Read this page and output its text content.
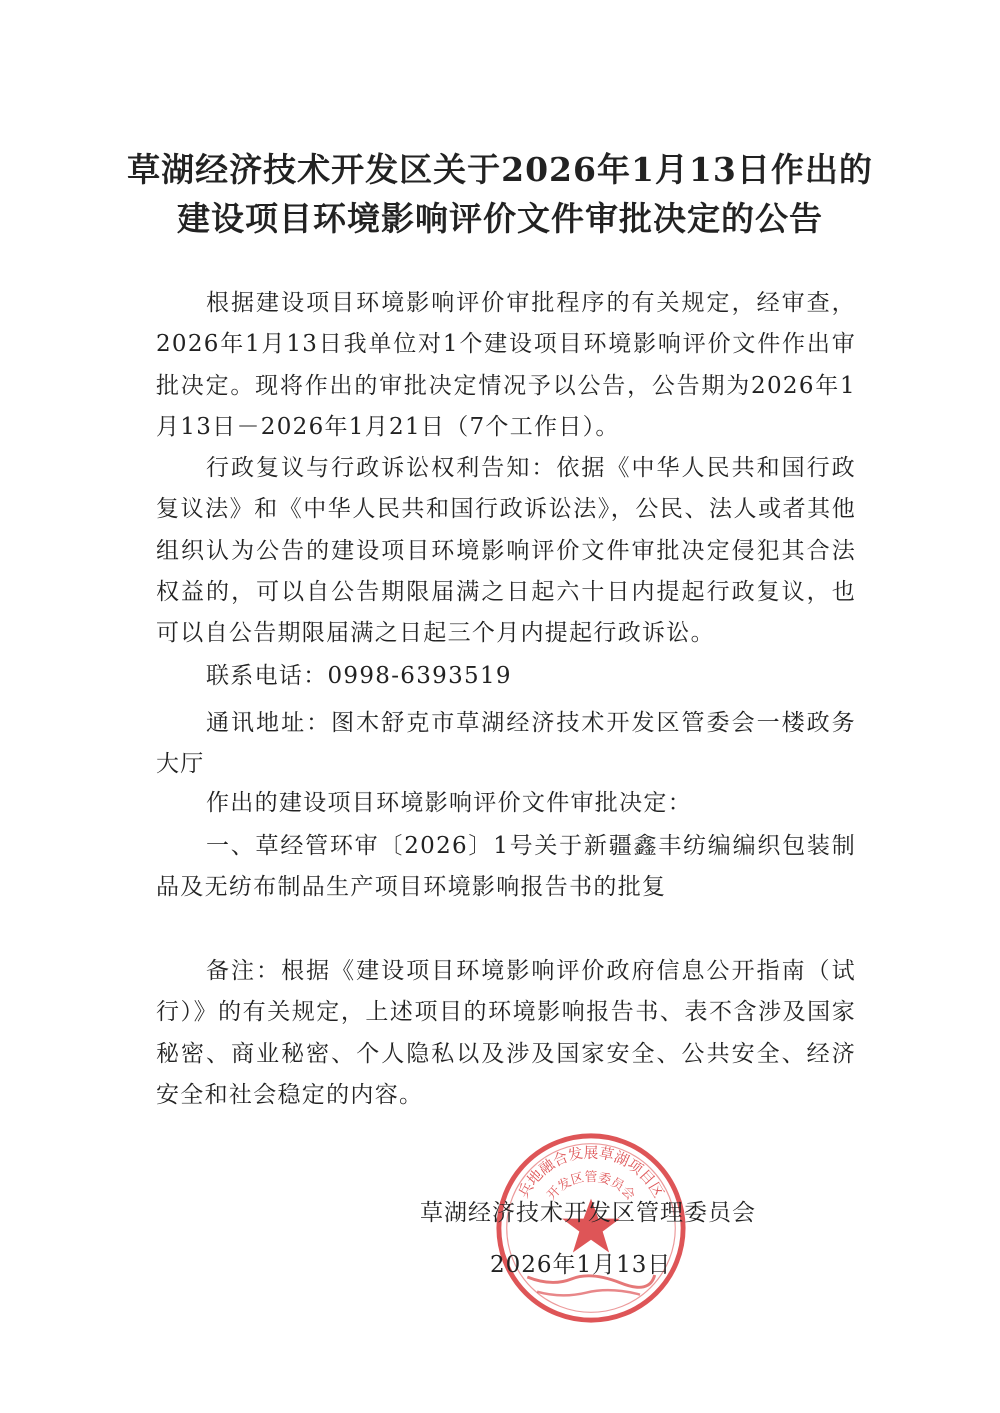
草湖经济技术开发区关于2026年1月13日作出的
建设项目环境影响评价文件审批决定的公告
根据建设项目环境影响评价审批程序的有关规定，经审查，2026年1月13日我单位对1个建设项目环境影响评价文件作出审批决定。现将作出的审批决定情况予以公告，公告期为2026年1月13日－2026年1月21日（7个工作日）。
行政复议与行政诉讼权利告知：依据《中华人民共和国行政复议法》和《中华人民共和国行政诉讼法》，公民、法人或者其他组织认为公告的建设项目环境影响评价文件审批决定侵犯其合法权益的，可以自公告期限届满之日起六十日内提起行政复议，也可以自公告期限届满之日起三个月内提起行政诉讼。
联系电话：0998-6393519
通讯地址：图木舒克市草湖经济技术开发区管委会一楼政务大厅
作出的建设项目环境影响评价文件审批决定：
一、草经管环审〔2026〕1号关于新疆鑫丰纺编编织包装制品及无纺布制品生产项目环境影响报告书的批复
备注：根据《建设项目环境影响评价政府信息公开指南（试行）》的有关规定，上述项目的环境影响报告书、表不含涉及国家秘密、商业秘密、个人隐私以及涉及国家安全、公共安全、经济安全和社会稳定的内容。
兵地融合发展草湖项目区
开发区管委员会
草湖经济技术开发区管理委员会
2026年1月13日
